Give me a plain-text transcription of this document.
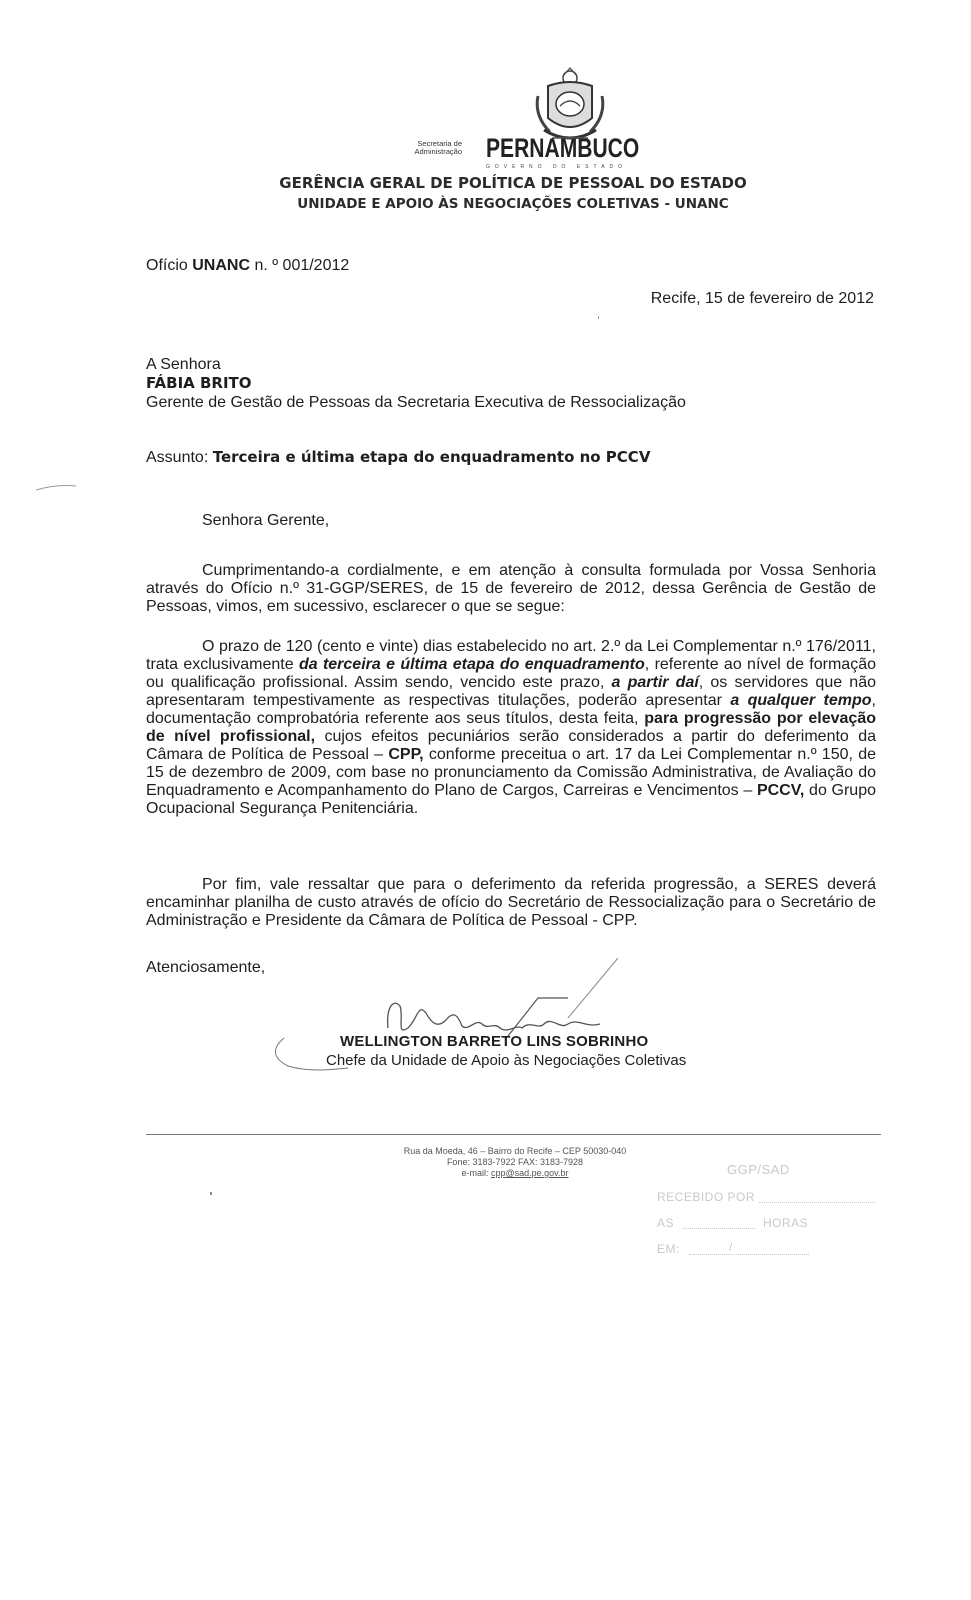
Secretaria de
Administração PERNAMBUCO
GOVERNO DO ESTADO
GERÊNCIA GERAL DE POLÍTICA DE PESSOAL DO ESTADO
UNIDADE E APOIO ÀS NEGOCIAÇÕES COLETIVAS - UNANC
Ofício UNANC n. º 001/2012
Recife, 15 de fevereiro de 2012
A Senhora
FÁBIA BRITO
Gerente de Gestão de Pessoas da Secretaria Executiva de Ressocialização
Assunto: Terceira e última etapa do enquadramento no PCCV
Senhora Gerente,
Cumprimentando-a cordialmente, e em atenção à consulta formulada por Vossa Senhoria através do Ofício n.º 31-GGP/SERES, de 15 de fevereiro de 2012, dessa Gerência de Gestão de Pessoas, vimos, em sucessivo, esclarecer o que se segue:
O prazo de 120 (cento e vinte) dias estabelecido no art. 2.º da Lei Complementar n.º 176/2011, trata exclusivamente da terceira e última etapa do enquadramento, referente ao nível de formação ou qualificação profissional. Assim sendo, vencido este prazo, a partir daí, os servidores que não apresentaram tempestivamente as respectivas titulações, poderão apresentar a qualquer tempo, documentação comprobatória referente aos seus títulos, desta feita, para progressão por elevação de nível profissional, cujos efeitos pecuniários serão considerados a partir do deferimento da Câmara de Política de Pessoal – CPP, conforme preceitua o art. 17 da Lei Complementar n.º 150, de 15 de dezembro de 2009, com base no pronunciamento da Comissão Administrativa, de Avaliação do Enquadramento e Acompanhamento do Plano de Cargos, Carreiras e Vencimentos – PCCV, do Grupo Ocupacional Segurança Penitenciária.
Por fim, vale ressaltar que para o deferimento da referida progressão, a SERES deverá encaminhar planilha de custo através de ofício do Secretário de Ressocialização para o Secretário de Administração e Presidente da Câmara de Política de Pessoal - CPP.
Atenciosamente,
WELLINGTON BARRETO LINS SOBRINHO
Chefe da Unidade de Apoio às Negociações Coletivas
Rua da Moeda, 46 – Bairro do Recife – CEP 50030-040
Fone: 3183-7922 FAX: 3183-7928
e-mail: cpp@sad.pe.gov.br	GGP/SAD
RECEBIDO POR
AS	HORAS
EM:	/
